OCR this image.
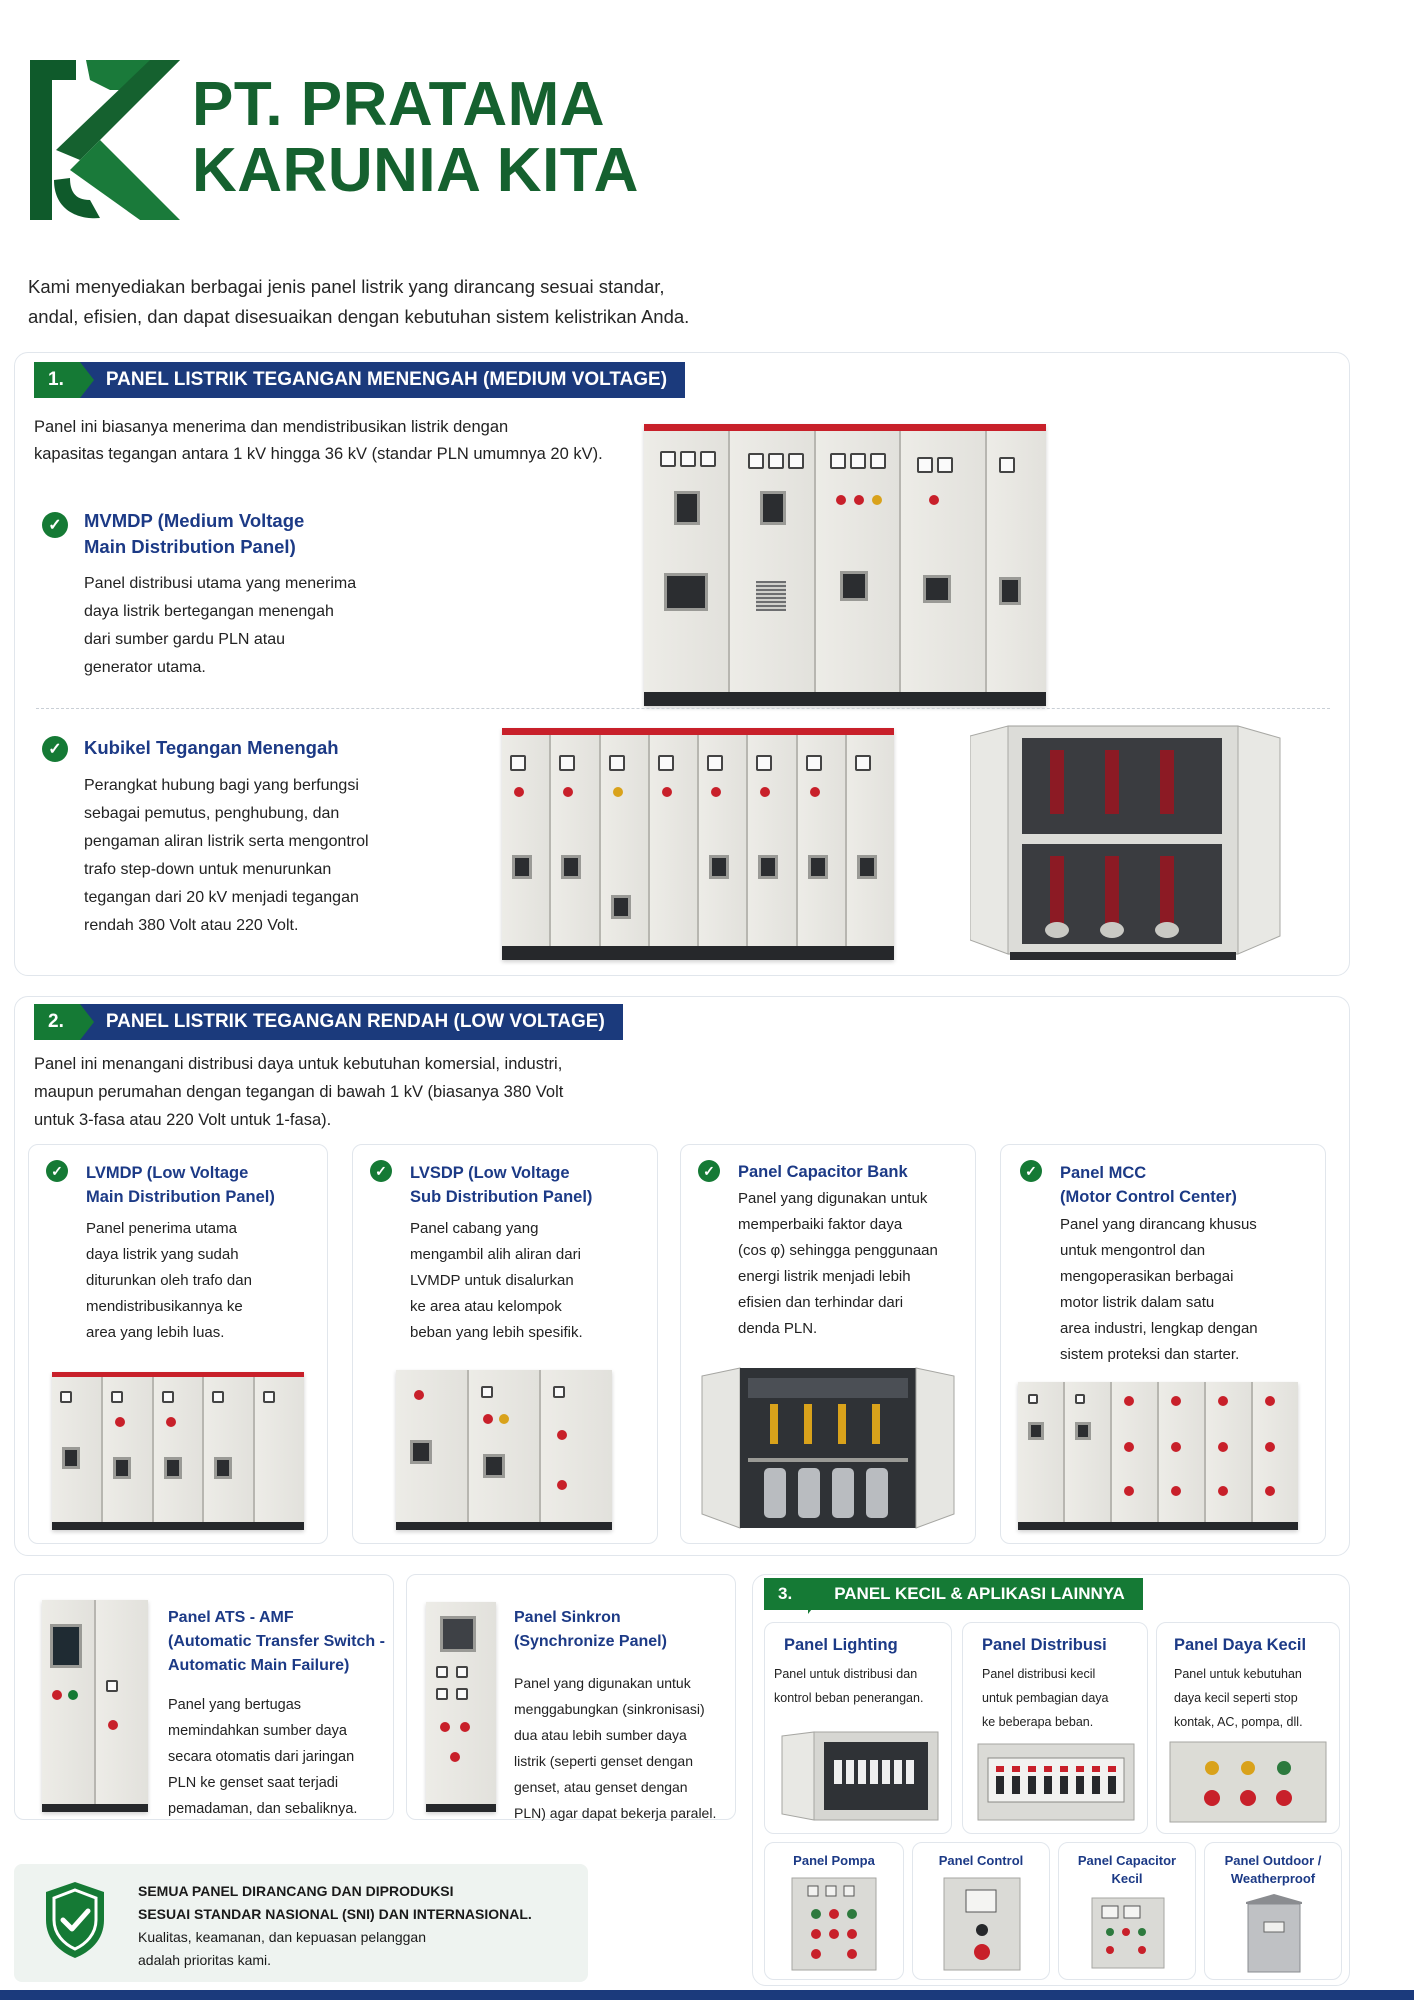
PT. PRATAMA
KARUNIA KITA
Kami menyediakan berbagai jenis panel listrik yang dirancang sesuai standar,
andal, efisien, dan dapat disesuaikan dengan kebutuhan sistem kelistrikan Anda.
1.	PANEL LISTRIK TEGANGAN MENENGAH (MEDIUM VOLTAGE)
Panel ini biasanya menerima dan mendistribusikan listrik dengan
kapasitas tegangan antara 1 kV hingga 36 kV (standar PLN umumnya 20 kV).
✓	MVMDP (Medium Voltage
Main Distribution Panel)
Panel distribusi utama yang menerima
daya listrik bertegangan menengah
dari sumber gardu PLN atau
generator utama.
✓	Kubikel Tegangan Menengah
Perangkat hubung bagi yang berfungsi
sebagai pemutus, penghubung, dan
pengaman aliran listrik serta mengontrol
trafo step-down untuk menurunkan
tegangan dari 20 kV menjadi tegangan
rendah 380 Volt atau 220 Volt.
2.	PANEL LISTRIK TEGANGAN RENDAH (LOW VOLTAGE)
Panel ini menangani distribusi daya untuk kebutuhan komersial, industri,
maupun perumahan dengan tegangan di bawah 1 kV (biasanya 380 Volt
untuk 3-fasa atau 220 Volt untuk 1-fasa).
✓	LVMDP (Low Voltage
Main Distribution Panel)
Panel penerima utama
daya listrik yang sudah
diturunkan oleh trafo dan
mendistribusikannya ke
area yang lebih luas.
✓	LVSDP (Low Voltage
Sub Distribution Panel)
Panel cabang yang
mengambil alih aliran dari
LVMDP untuk disalurkan
ke area atau kelompok
beban yang lebih spesifik.
✓	Panel Capacitor Bank
Panel yang digunakan untuk
memperbaiki faktor daya
(cos φ) sehingga penggunaan
energi listrik menjadi lebih
efisien dan terhindar dari
denda PLN.
✓	Panel MCC
(Motor Control Center)
Panel yang dirancang khusus
untuk mengontrol dan
mengoperasikan berbagai
motor listrik dalam satu
area industri, lengkap dengan
sistem proteksi dan starter.
Panel ATS - AMF
(Automatic Transfer Switch -
Automatic Main Failure)
Panel yang bertugas
memindahkan sumber daya
secara otomatis dari jaringan
PLN ke genset saat terjadi
pemadaman, dan sebaliknya.
Panel Sinkron
(Synchronize Panel)
Panel yang digunakan untuk
menggabungkan (sinkronisasi)
dua atau lebih sumber daya
listrik (seperti genset dengan
genset, atau genset dengan
PLN) agar dapat bekerja paralel.
3.	PANEL KECIL & APLIKASI LAINNYA
Panel Lighting
Panel untuk distribusi dan
kontrol beban penerangan.
Panel Distribusi
Panel distribusi kecil
untuk pembagian daya
ke beberapa beban.
Panel Daya Kecil
Panel untuk kebutuhan
daya kecil seperti stop
kontak, AC, pompa, dll.
Panel Pompa	Panel Control	Panel Capacitor
Kecil
Panel Outdoor /
Weatherproof
SEMUA PANEL DIRANCANG DAN DIPRODUKSI
SESUAI STANDAR NASIONAL (SNI) DAN INTERNASIONAL.
Kualitas, keamanan, dan kepuasan pelanggan
adalah prioritas kami.
